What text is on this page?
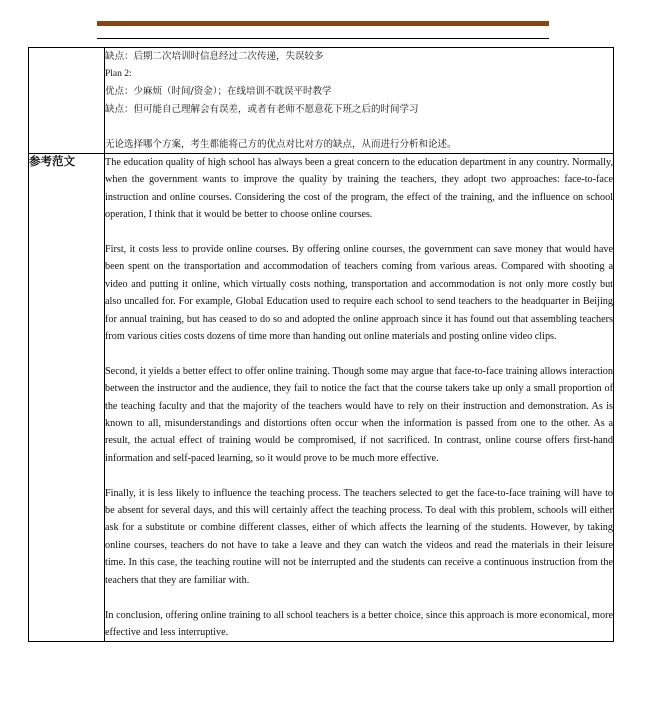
	缺点：后期二次培训时信息经过二次传递，失误较多
Plan 2:
优点：少麻烦（时间/资金）；在线培训不耽误平时教学
缺点：但可能自己理解会有误差，或者有老师不愿意花下班之后的时间学习
无论选择哪个方案，考生都能将己方的优点对比对方的缺点，从而进行分析和论述。

参考范文	The education quality of high school has always been a great concern to the education department in any country. Normally, when the government wants to improve the quality by training the teachers, they adopt two approaches: face-to-face instruction and online courses. Considering the cost of the program, the effect of the training, and the influence on school operation, I think that it would be better to choose online courses.

First, it costs less to provide online courses. By offering online courses, the government can save money that would have been spent on the transportation and accommodation of teachers coming from various areas. Compared with shooting a video and putting it online, which virtually costs nothing, transportation and accommodation is not only more costly but also uncalled for. For example, Global Education used to require each school to send teachers to the headquarter in Beijing for annual training, but has ceased to do so and adopted the online approach since it has found out that assembling teachers from various cities costs dozens of time more than handing out online materials and posting online video clips.

Second, it yields a better effect to offer online training. Though some may argue that face-to-face training allows interaction between the instructor and the audience, they fail to notice the fact that the course takers take up only a small proportion of the teaching faculty and that the majority of the teachers would have to rely on their instruction and demonstration. As is known to all, misunderstandings and distortions often occur when the information is passed from one to the other. As a result, the actual effect of training would be compromised, if not sacrificed. In contrast, online course offers first-hand information and self-paced learning, so it would prove to be much more effective.

Finally, it is less likely to influence the teaching process. The teachers selected to get the face-to-face training will have to be absent for several days, and this will certainly affect the teaching process. To deal with this problem, schools will either ask for a substitute or combine different classes, either of which affects the learning of the students. However, by taking online courses, teachers do not have to take a leave and they can watch the videos and read the materials in their leisure time. In this case, the teaching routine will not be interrupted and the students can receive a continuous instruction from the teachers that they are familiar with.

In conclusion, offering online training to all school teachers is a better choice, since this approach is more economical, more effective and less interruptive.
